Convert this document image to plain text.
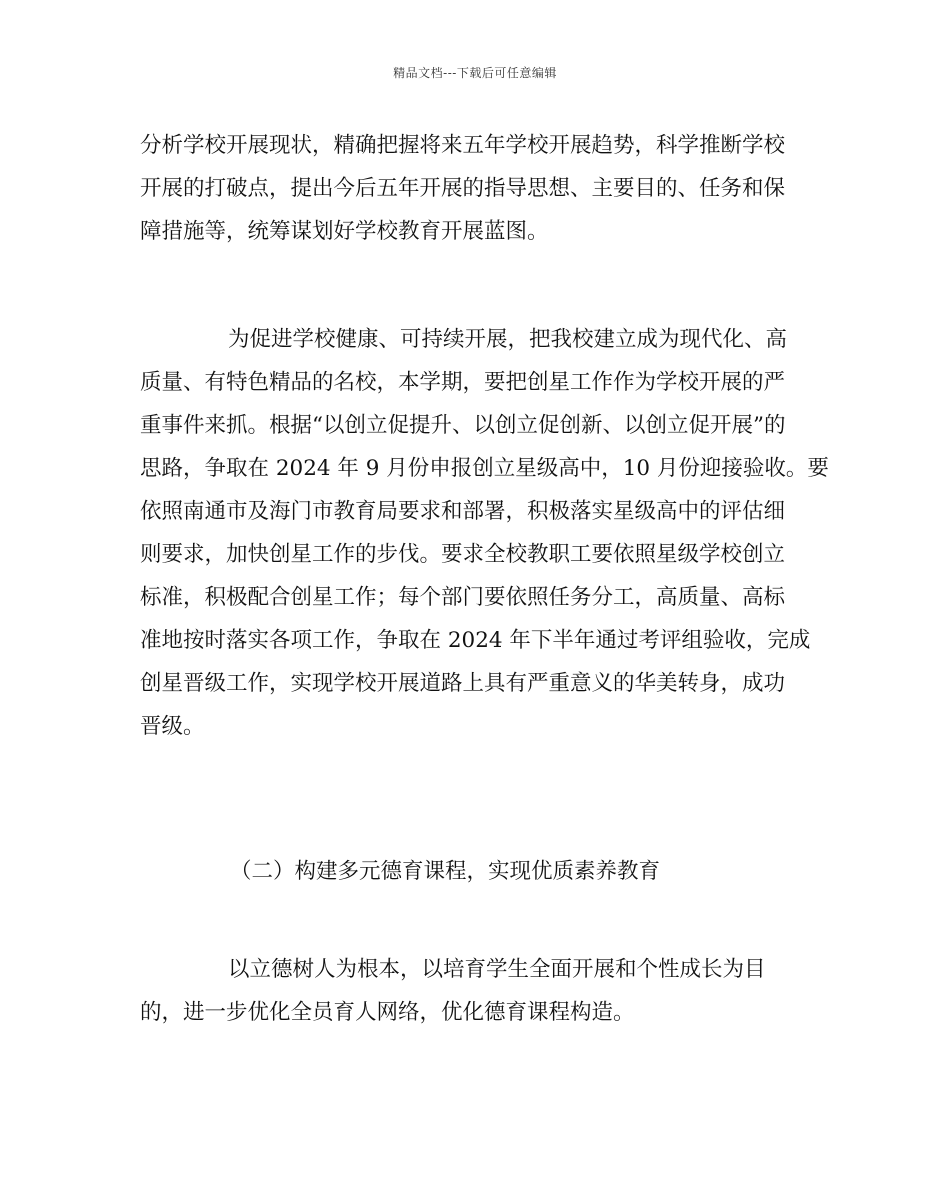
精品文档---下载后可任意编辑
分析学校开展现状，精确把握将来五年学校开展趋势，科学推断学校
开展的打破点，提出今后五年开展的指导思想、主要目的、任务和保
障措施等，统筹谋划好学校教育开展蓝图。
为促进学校健康、可持续开展，把我校建立成为现代化、高
质量、有特色精品的名校，本学期，要把创星工作作为学校开展的严
重事件来抓。根据“以创立促提升、以创立促创新、以创立促开展”的
思路，争取在 2024 年 9 月份申报创立星级高中，10 月份迎接验收。要
依照南通市及海门市教育局要求和部署，积极落实星级高中的评估细
则要求，加快创星工作的步伐。要求全校教职工要依照星级学校创立
标准，积极配合创星工作；每个部门要依照任务分工，高质量、高标
准地按时落实各项工作，争取在 2024 年下半年通过考评组验收，完成
创星晋级工作，实现学校开展道路上具有严重意义的华美转身，成功
晋级。
（二）构建多元德育课程，实现优质素养教育
以立德树人为根本，以培育学生全面开展和个性成长为目
的，进一步优化全员育人网络，优化德育课程构造。
